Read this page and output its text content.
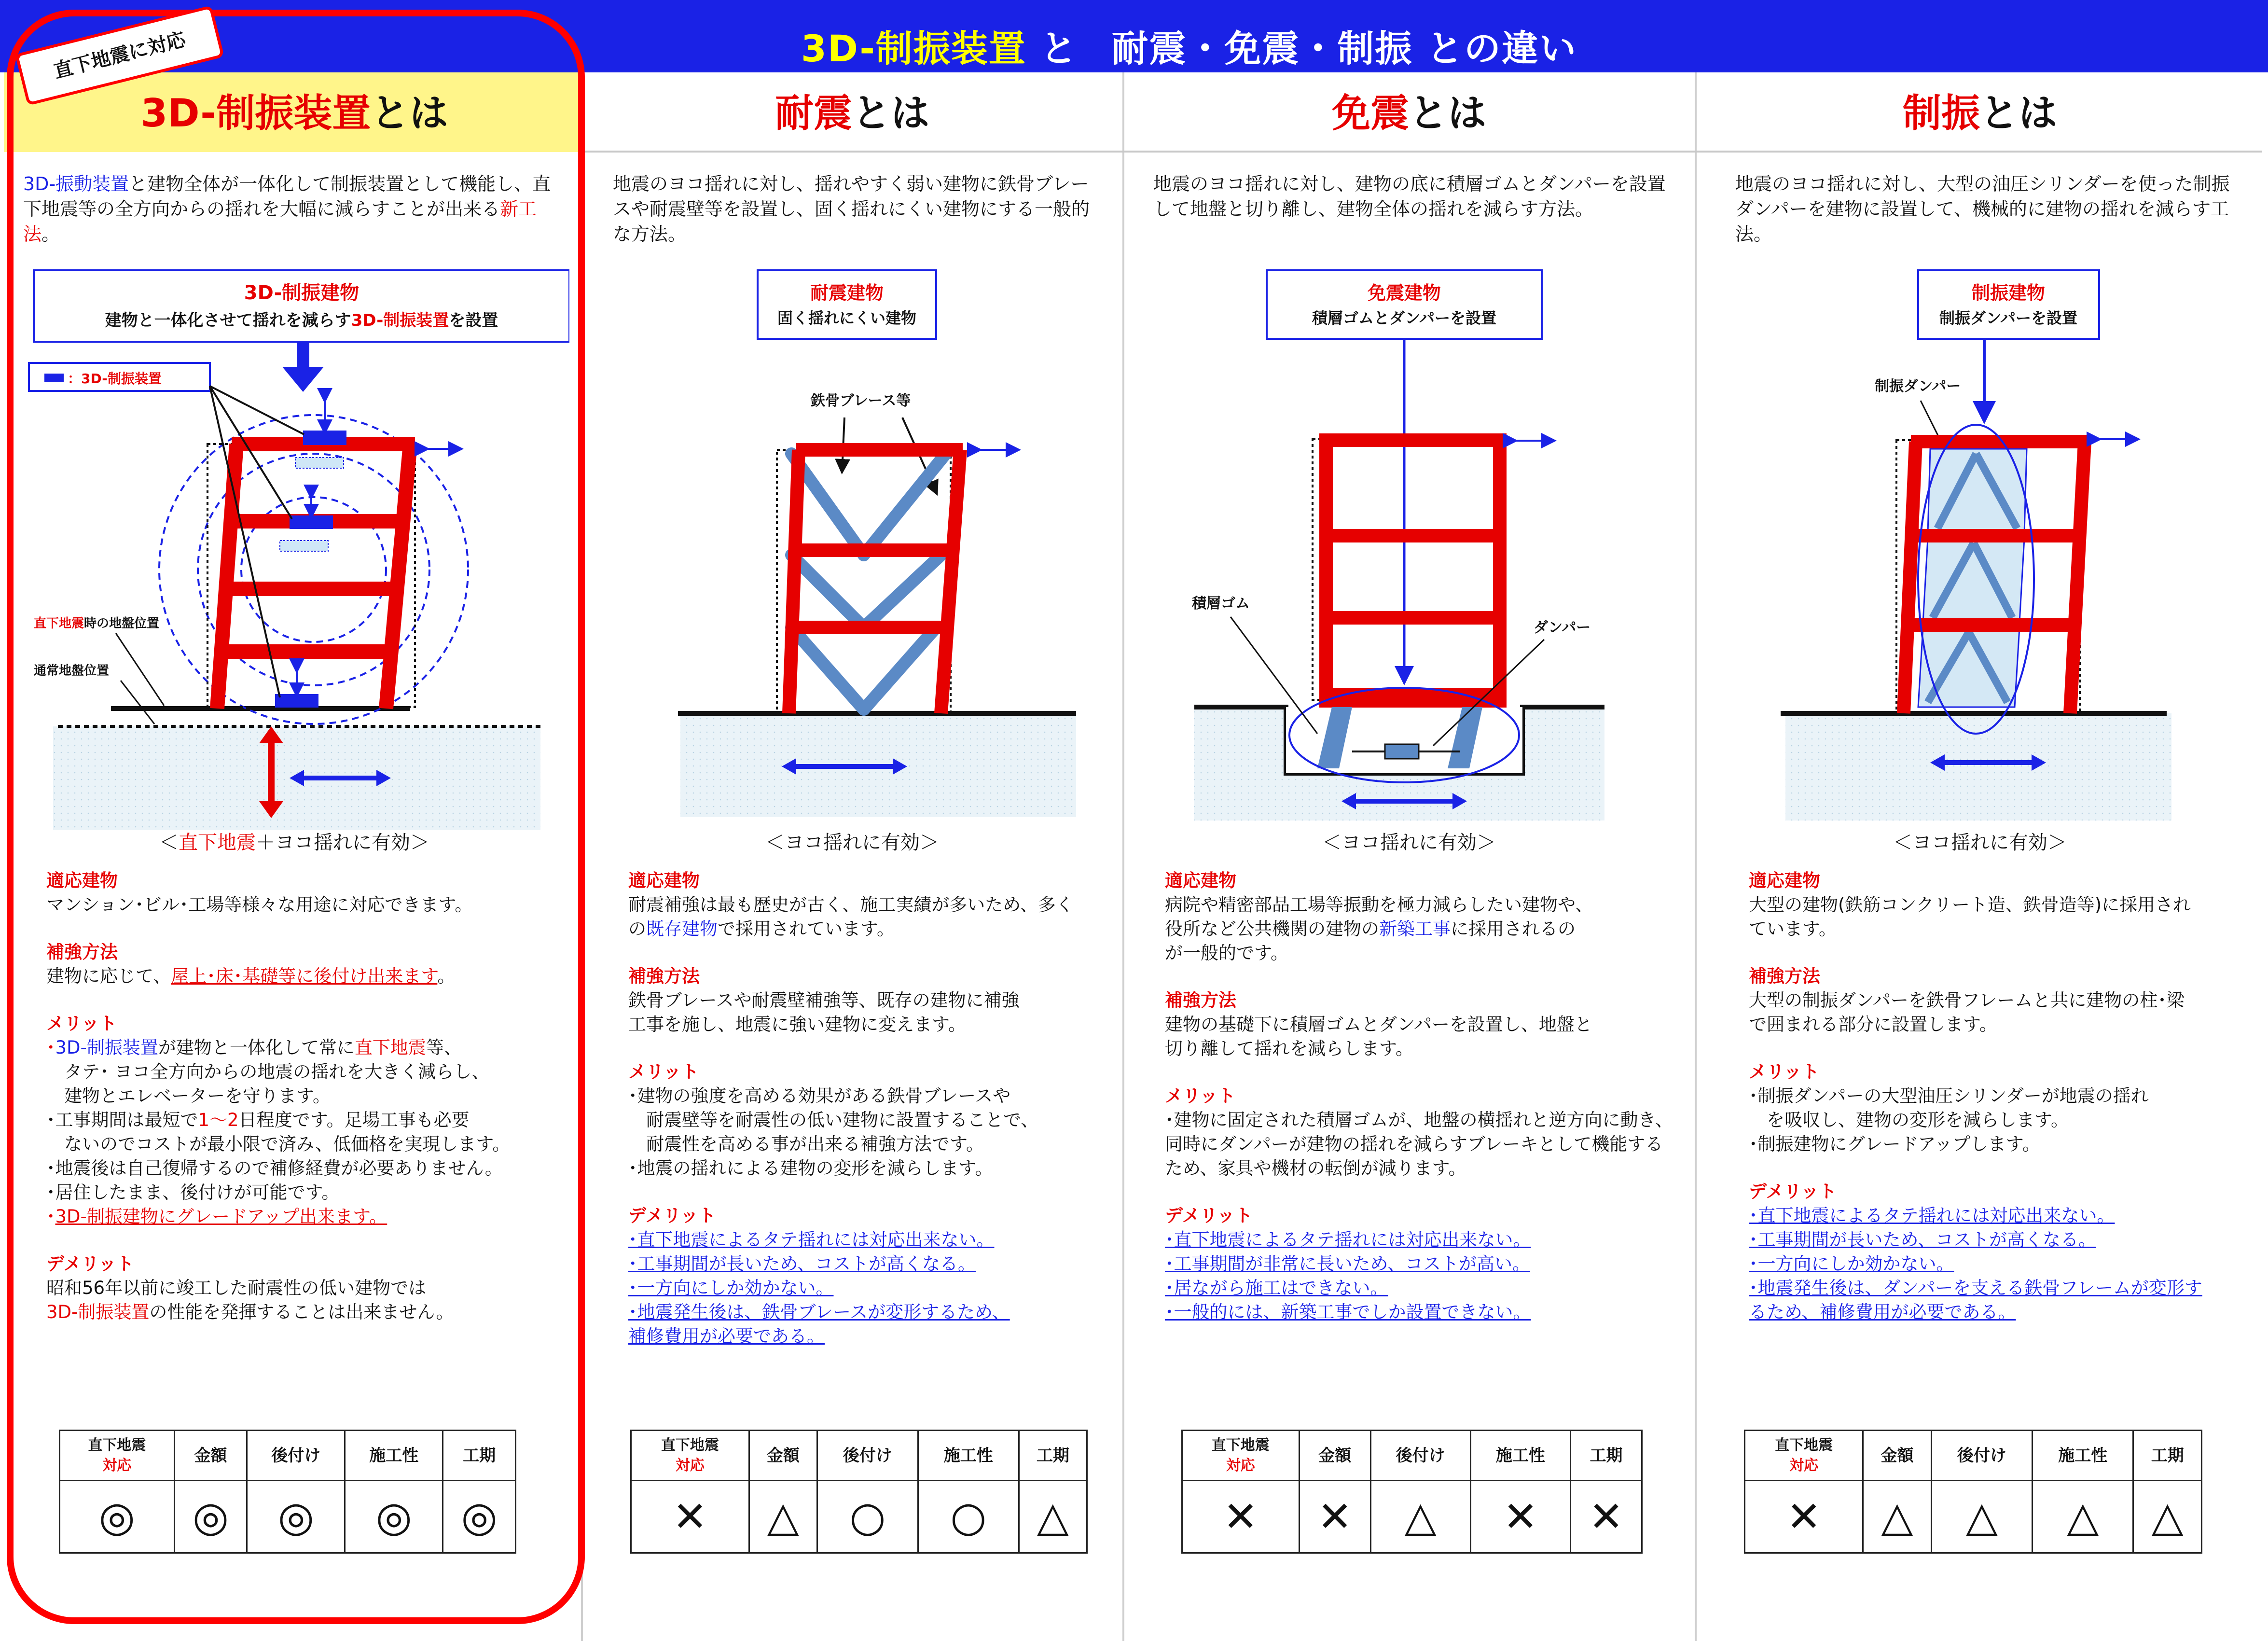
3D-制振装置 と 耐震・免震・制振 との違い
3D-制振装置とは	耐震とは	免震とは	制振とは
3D-振動装置と建物全体が一体化して制振装置として機能し、直下地震等の全方向からの揺れを大幅に減らすことが出来る新工法。
地震のヨコ揺れに対し、揺れやすく弱い建物に鉄骨ブレースや耐震壁等を設置し、固く揺れにくい建物にする一般的な方法。
地震のヨコ揺れに対し、建物の底に積層ゴムとダンパーを設置して地盤と切り離し、建物全体の揺れを減らす方法。
地震のヨコ揺れに対し、大型の油圧シリンダーを使った制振ダンパーを建物に設置して、機械的に建物の揺れを減らす工法。
3D-制振建物
建物と一体化させて揺れを減らす3D-制振装置を設置
：3D-制振装置
直下地震時の地盤位置
通常地盤位置
＜直下地震＋ヨコ揺れに有効＞
耐震建物
固く揺れにくい建物
鉄骨ブレース等
＜ヨコ揺れに有効＞
免震建物
積層ゴムとダンパーを設置
積層ゴム
ダンパー
＜ヨコ揺れに有効＞
制振建物
制振ダンパーを設置
制振ダンパー
＜ヨコ揺れに有効＞
適応建物
マンション･ビル･工場等様々な用途に対応できます。
補強方法
建物に応じて、屋上･床･基礎等に後付け出来ます。
メリット
･3D-制振装置が建物と一体化して常に直下地震等、
　タテ･ ヨコ全方向からの地震の揺れを大きく減らし、
　建物とエレベーターを守ります。
･工事期間は最短で1～2日程度です。足場工事も必要
　ないのでコストが最小限で済み、低価格を実現します。
･地震後は自己復帰するので補修経費が必要ありません。
･居住したまま、後付けが可能です。
･3D-制振建物にグレードアップ出来ます。
デメリット
昭和56年以前に竣工した耐震性の低い建物では
3D-制振装置の性能を発揮することは出来ません。
適応建物
耐震補強は最も歴史が古く、施工実績が多いため、多く
の既存建物で採用されています。
補強方法
鉄骨ブレースや耐震壁補強等、既存の建物に補強
工事を施し、地震に強い建物に変えます。
メリット
･建物の強度を高める効果がある鉄骨ブレースや
　耐震壁等を耐震性の低い建物に設置することで、
　耐震性を高める事が出来る補強方法です。
･地震の揺れによる建物の変形を減らします。
デメリット
･直下地震によるタテ揺れには対応出来ない。
･工事期間が長いため、コストが高くなる。
･一方向にしか効かない。
･地震発生後は、鉄骨ブレースが変形するため、
補修費用が必要である。
適応建物
病院や精密部品工場等振動を極力減らしたい建物や、
役所など公共機関の建物の新築工事に採用されるの
が一般的です。
補強方法
建物の基礎下に積層ゴムとダンパーを設置し、地盤と
切り離して揺れを減らします。
メリット
･建物に固定された積層ゴムが、地盤の横揺れと逆方向に動き、
同時にダンパーが建物の揺れを減らすブレーキとして機能する
ため、家具や機材の転倒が減ります。
デメリット
･直下地震によるタテ揺れには対応出来ない。
･工事期間が非常に長いため、コストが高い。
･居ながら施工はできない。
･一般的には、新築工事でしか設置できない。
適応建物
大型の建物(鉄筋コンクリート造、鉄骨造等)に採用され
ています。
補強方法
大型の制振ダンパーを鉄骨フレームと共に建物の柱･梁
で囲まれる部分に設置します。
メリット
･制振ダンパーの大型油圧シリンダーが地震の揺れ
　を吸収し、建物の変形を減らします。
･制振建物にグレードアップします。
デメリット
･直下地震によるタテ揺れには対応出来ない。
･工事期間が長いため、コストが高くなる。
･一方向にしか効かない。
･地震発生後は、ダンパーを支える鉄骨フレームが変形す
るため、補修費用が必要である。
直下地震
対応	金額	後付け	施工性	工期
◎	◎	◎	◎	◎
直下地震
対応	金額	後付け	施工性	工期
✕	△	○	○	△
直下地震
対応	金額	後付け	施工性	工期
✕	✕	△	✕	✕
直下地震
対応	金額	後付け	施工性	工期
✕	△	△	△	△
直下地震に対応
